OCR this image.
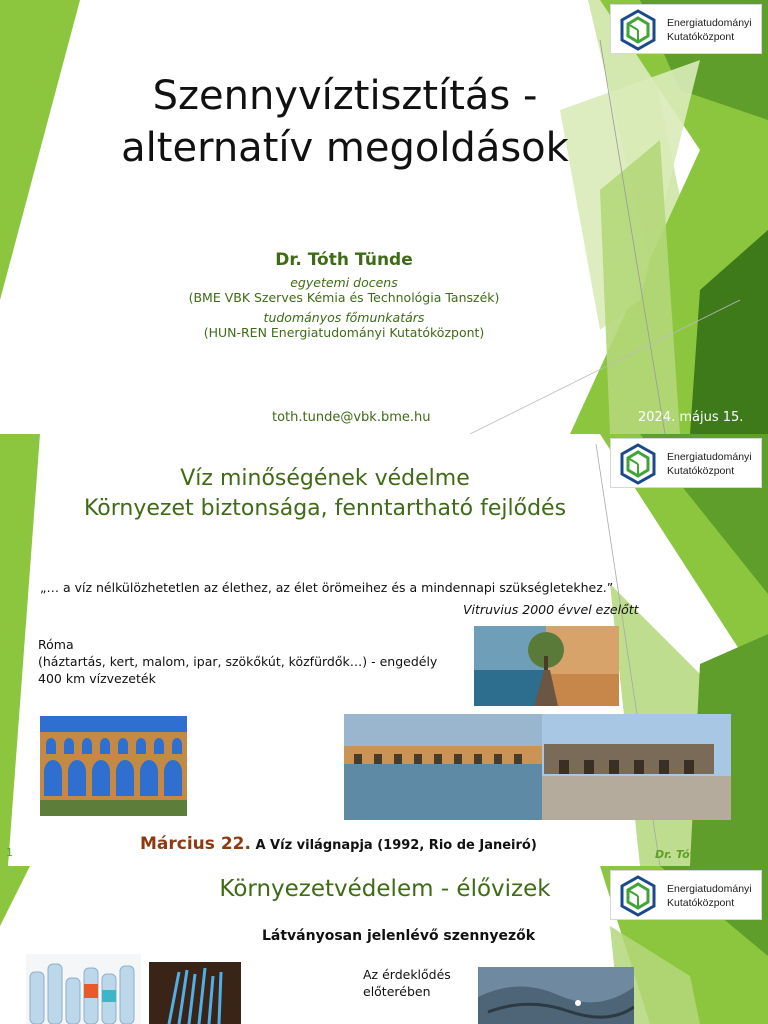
Energiatudományi
Kutatóközpont
Szennyvíztisztítás -
alternatív megoldások
Dr. Tóth Tünde
egyetemi docens
(BME VBK Szerves Kémia és Technológia Tanszék)
tudományos főmunkatárs
(HUN-REN Energiatudományi Kutatóközpont)
toth.tunde@vbk.bme.hu	2024. május 15.
Energiatudományi
Kutatóközpont
Víz minőségének védelme
Környezet biztonsága, fenntartható fejlődés
„… a víz nélkülözhetetlen az élethez, az élet örömeihez és a mindennapi szükségletekhez.”
Vitruvius 2000 évvel ezelőtt
Róma
(háztartás, kert, malom, ipar, szökőkút, közfürdők…) - engedély
400 km vízvezeték
Március 22. A Víz világnapja (1992, Rio de Janeiró)
1	Dr. Tóth Tünde
Energiatudományi
Kutatóközpont
Környezetvédelem - élővizek
Látványosan jelenlévő szennyezők
Az érdeklődés
előterében
